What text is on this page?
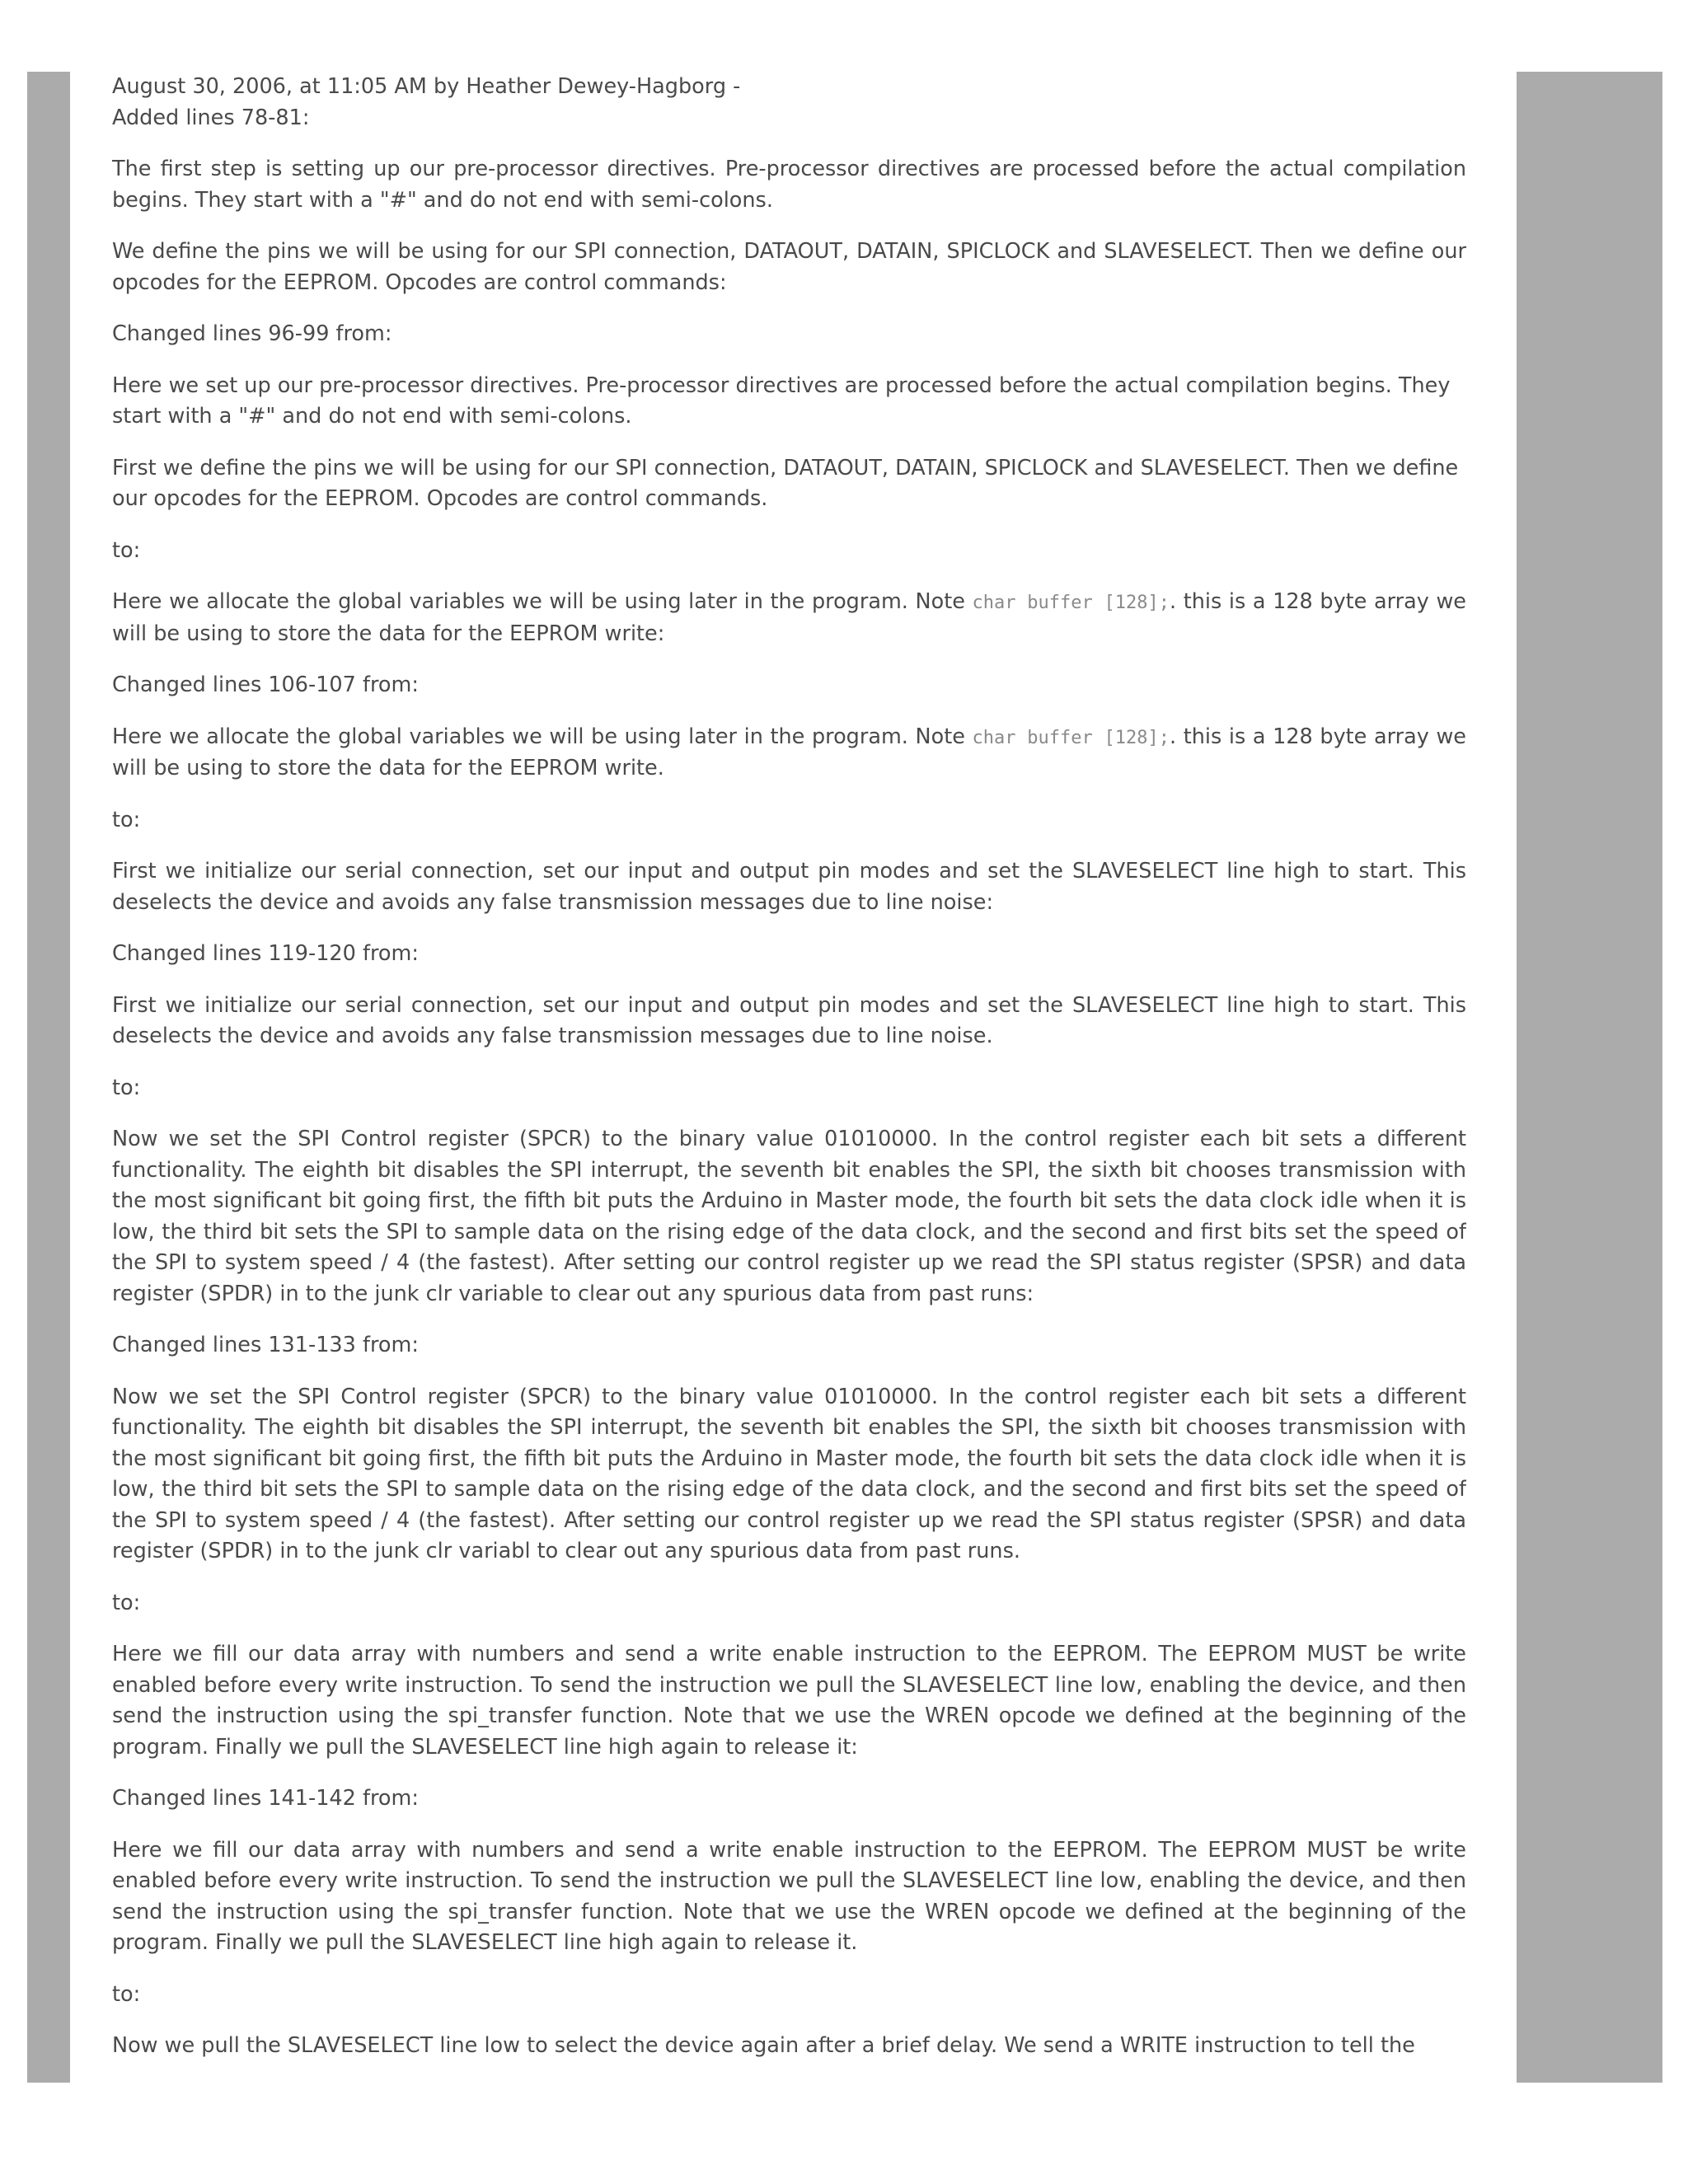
August 30, 2006, at 11:05 AM by Heather Dewey-Hagborg -
Added lines 78-81:

The first step is setting up our pre-processor directives. Pre-processor directives are processed before the actual compilation begins. They start with a "#" and do not end with semi-colons.

We define the pins we will be using for our SPI connection, DATAOUT, DATAIN, SPICLOCK and SLAVESELECT. Then we define our opcodes for the EEPROM. Opcodes are control commands:

Changed lines 96-99 from:

Here we set up our pre-processor directives. Pre-processor directives are processed before the actual compilation begins. They start with a "#" and do not end with semi-colons.

First we define the pins we will be using for our SPI connection, DATAOUT, DATAIN, SPICLOCK and SLAVESELECT. Then we define our opcodes for the EEPROM. Opcodes are control commands.

to:

Here we allocate the global variables we will be using later in the program. Note char buffer [128];. this is a 128 byte array we will be using to store the data for the EEPROM write:

Changed lines 106-107 from:

Here we allocate the global variables we will be using later in the program. Note char buffer [128];. this is a 128 byte array we will be using to store the data for the EEPROM write.

to:

First we initialize our serial connection, set our input and output pin modes and set the SLAVESELECT line high to start. This deselects the device and avoids any false transmission messages due to line noise:

Changed lines 119-120 from:

First we initialize our serial connection, set our input and output pin modes and set the SLAVESELECT line high to start. This deselects the device and avoids any false transmission messages due to line noise.

to:

Now we set the SPI Control register (SPCR) to the binary value 01010000. In the control register each bit sets a different functionality. The eighth bit disables the SPI interrupt, the seventh bit enables the SPI, the sixth bit chooses transmission with the most significant bit going first, the fifth bit puts the Arduino in Master mode, the fourth bit sets the data clock idle when it is low, the third bit sets the SPI to sample data on the rising edge of the data clock, and the second and first bits set the speed of the SPI to system speed / 4 (the fastest). After setting our control register up we read the SPI status register (SPSR) and data register (SPDR) in to the junk clr variable to clear out any spurious data from past runs:

Changed lines 131-133 from:

Now we set the SPI Control register (SPCR) to the binary value 01010000. In the control register each bit sets a different functionality. The eighth bit disables the SPI interrupt, the seventh bit enables the SPI, the sixth bit chooses transmission with the most significant bit going first, the fifth bit puts the Arduino in Master mode, the fourth bit sets the data clock idle when it is low, the third bit sets the SPI to sample data on the rising edge of the data clock, and the second and first bits set the speed of the SPI to system speed / 4 (the fastest). After setting our control register up we read the SPI status register (SPSR) and data register (SPDR) in to the junk clr variabl to clear out any spurious data from past runs.

to:

Here we fill our data array with numbers and send a write enable instruction to the EEPROM. The EEPROM MUST be write enabled before every write instruction. To send the instruction we pull the SLAVESELECT line low, enabling the device, and then send the instruction using the spi_transfer function. Note that we use the WREN opcode we defined at the beginning of the program. Finally we pull the SLAVESELECT line high again to release it:

Changed lines 141-142 from:

Here we fill our data array with numbers and send a write enable instruction to the EEPROM. The EEPROM MUST be write enabled before every write instruction. To send the instruction we pull the SLAVESELECT line low, enabling the device, and then send the instruction using the spi_transfer function. Note that we use the WREN opcode we defined at the beginning of the program. Finally we pull the SLAVESELECT line high again to release it.

to:

Now we pull the SLAVESELECT line low to select the device again after a brief delay. We send a WRITE instruction to tell the
